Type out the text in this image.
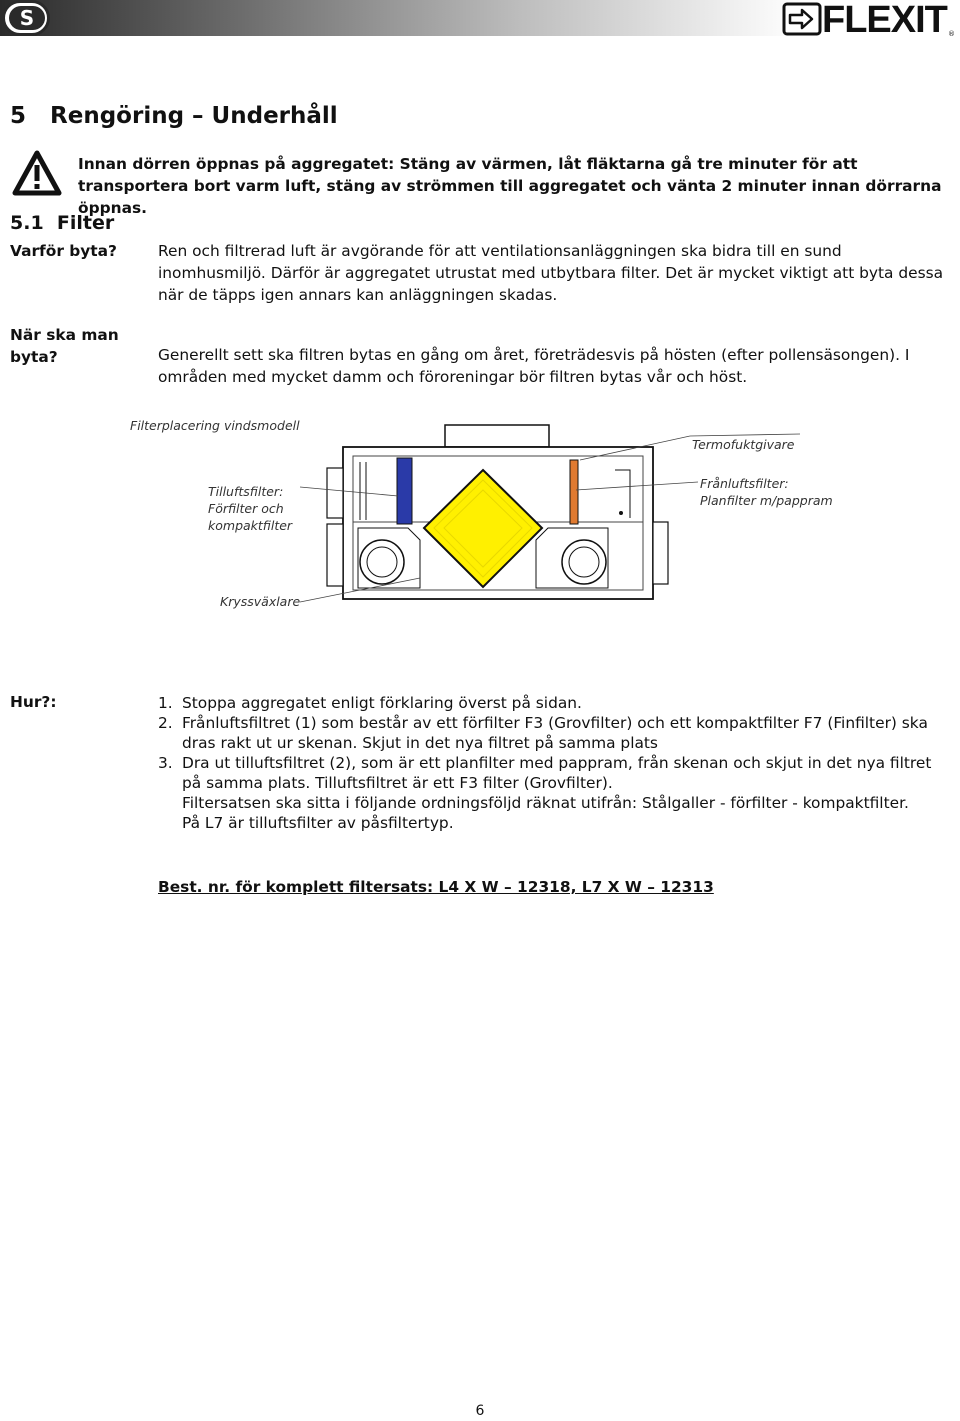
S	FLEXIT ®
5   Rengöring – Underhåll
Innan dörren öppnas på aggregatet: Stäng av värmen, låt fläktarna gå tre minuter för att transportera bort varm luft, stäng av strömmen till aggregatet och vänta 2 minuter innan dörrarna öppnas.
5.1  Filter
Varför byta?	Ren och filtrerad luft är avgörande för att ventilationsanläggningen ska bidra till en sund inomhusmiljö. Därför är aggregatet utrustat med utbytbara filter. Det är mycket viktigt att byta dessa när de täpps igen annars kan anläggningen skadas.
När ska man byta?	Generellt sett ska filtren bytas en gång om året, företrädesvis på hösten (efter pollensäsongen). I områden med mycket damm och föroreningar bör filtren bytas vår och höst.
Filterplacering vindsmodell
Tilluftsfilter:
Förfilter och
kompaktfilter
Termofuktgivare
Frånluftsfilter:
Planfilter m/pappram
Kryssväxlare
Hur?:	1. Stoppa aggregatet enligt förklaring överst på sidan.
2. Frånluftsfiltret (1) som består av ett förfilter F3 (Grovfilter) och ett kompaktfilter F7 (Finfilter) ska dras rakt ut ur skenan. Skjut in det nya filtret på samma plats
3. Dra ut tilluftsfiltret (2), som är ett planfilter med pappram, från skenan och skjut in det nya filtret på samma plats. Tilluftsfiltret är ett F3 filter (Grovfilter).
Filtersatsen ska sitta i följande ordningsföljd räknat utifrån: Stålgaller - förfilter - kompaktfilter.
På L7 är tilluftsfilter av påsfiltertyp.
Best. nr. för komplett filtersats: L4 X W – 12318, L7 X W – 12313
6
